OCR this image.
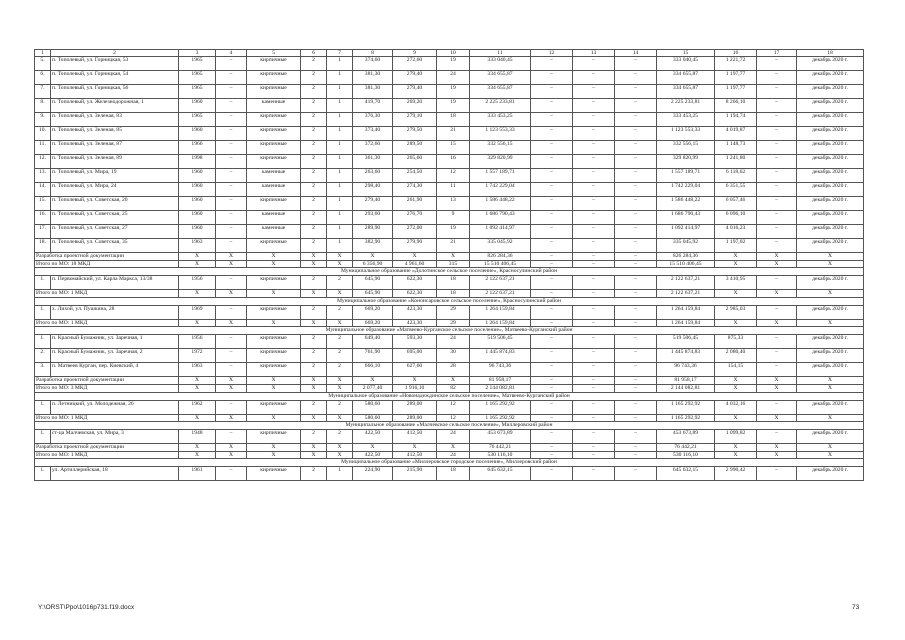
1	2	3	4	5	6	7	8	9	10	11	12	13	14	15	16	17	18
5.	п. Тополевый, ул. Горницкая, 53	1965	–	кирпичные	2	1	374,60	272,60	19	333 040,45	–	–	–	333 040,45	1 221,72	–	декабрь 2020 г.
6.	п. Тополевый, ул. Горницкая, 54	1965	–	кирпичные	2	1	381,30	279,40	24	334 655,87	–	–	–	334 655,87	1 197,77	–	декабрь 2020 г.
7.	п. Тополевый, ул. Горницкая, 56	1965	–	кирпичные	2	1	381,30	279,40	19	334 655,87	–	–	–	334 655,87	1 197,77	–	декабрь 2020 г.
8.	п. Тополевый, ул. Железнодорожная, 1	1960	–	каменные	2	1	419,70	269,20	19	2 225 233,81	–	–	–	2 225 233,81	8 266,10	–	декабрь 2020 г.
9.	п. Тополевый, ул. Зеленая, 83	1965	–	кирпичные	2	1	376,30	279,10	18	333 453,25	–	–	–	333 453,25	1 194,74	–	декабрь 2020 г.
10.	п. Тополевый, ул. Зеленая, 85	1960	–	кирпичные	2	1	373,40	279,50	21	1 123 553,33	–	–	–	1 123 553,33	4 019,87	–	декабрь 2020 г.
11.	п. Тополевый, ул. Зеленая, 87	1966	–	кирпичные	2	1	372,60	289,50	15	332 556,15	–	–	–	332 556,15	1 148,73	–	декабрь 2020 г.
12.	п. Тополевый, ул. Зеленая, 89	1998	–	кирпичные	2	1	361,30	265,60	16	329 820,99	–	–	–	329 820,99	1 241,80	–	декабрь 2020 г.
13.	п. Тополевый, ул. Мира, 19	1960	–	каменные	2	1	263,60	254,50	12	1 557 189,71	–	–	–	1 557 189,71	6 118,62	–	декабрь 2020 г.
14.	п. Тополевый, ул. Мира, 24	1960	–	каменные	2	1	298,40	274,30	11	1 742 229,04	–	–	–	1 742 229,04	6 351,55	–	декабрь 2020 г.
15.	п. Тополевый, ул. Советская, 20	1960	–	кирпичные	2	1	279,40	261,90	13	1 586 448,22	–	–	–	1 586 448,22	6 057,46	–	декабрь 2020 г.
16.	п. Тополевый, ул. Советская, 25	1960	–	каменные	2	1	293,60	276,70	9	1 686 790,43	–	–	–	1 686 790,43	6 096,10	–	декабрь 2020 г.
17.	п. Тополевый, ул. Советская, 27	1960	–	каменные	2	1	289,90	272,00	19	1 092 414,97	–	–	–	1 092 414,97	4 016,23	–	декабрь 2020 г.
18.	п. Тополевый, ул. Советская, 35	1963	–	кирпичные	2	1	382,90	279,90	21	335 045,92	–	–	–	335 045,92	1 197,02	–	декабрь 2020 г.
Разработка проектной документации		X	X	X	X	X	X	X	X	826 284,36	–	–	–	826 284,36	X	X	X
Итого по МО: 18 МКД		X	X	X	X	X	6 356,90	4 961,60	315	15 510 406,45	–	–	–	15 510 406,45	X	X	X
Муниципальное образование «Долотинское сельское поселение», Красносулинский район																	
1.	п. Первомайский, ул. Карла Маркса, 13/38	1956	–	кирпичные	2	2	645,90	622,30	18	2 122 637,21	–	–	–	2 122 637,21	3 410,95	–	декабрь 2020 г.
Итого по МО: 1 МКД		X	X	X	X	X	645,90	622,30	18	2 122 637,21	–	–	–	2 122 637,21	X	X	X
Муниципальное образование «Кононсаровское сельское поселение», Красносулинский район																	
1.	х. Лихой, ул. Пушкина, 28	1969	–	кирпичные	2	2	669,20	423,30	29	1 264 159,84	–	–	–	1 264 159,84	2 985,03	–	декабрь 2020 г.
Итого по МО: 1 МКД		X	X	X	X	X	669,20	423,30	29	1 264 159,84	–	–	–	1 264 159,84	X	X	X
Муниципальное образование «Матвеево-Курганское сельское поселение», Матвеево-Курганский район																	
1.	п. Красный Бумажник, ул. Заречная, 1	1956	–	кирпичные	2	2	649,40	593,30	24	519 506,45	–	–	–	519 506,45	875,33	–	декабрь 2020 г.
2.	п. Красный Бумажник, ул. Заречная, 2	1972	–	кирпичные	2	2	761,90	695,00	30	1 445 874,83	–	–	–	1 445 874,83	2 080,40	–	декабрь 2020 г.
3.	п. Матвеев Курган, пер. Киевский, 4	1963	–	кирпичные	2	2	666,10	627,60	28	96 743,36	–	–	–	96 743,36	154,15	–	декабрь 2020 г.
Разработка проектной документации		X	X	X	X	X	X	X	X	81 958,17	–	–	–	81 958,17	X	X	X
Итого по МО: 3 МКД		X	X	X	X	X	2 077,40	1 916,10	82	2 144 082,81	–	–	–	2 144 082,81	X	X	X
Муниципальное образование «Новонадеждинское сельское поселение», Матвеево-Курганский район																	
1.	п. Летницкий, ул. Молодежная, 26	1962	–	кирпичные	2	2	580,60	289,00	12	1 165 292,92	–	–	–	1 165 292,92	4 032,16	–	декабрь 2020 г.
Итого по МО: 1 МКД		X	X	X	X	X	580,60	289,00	12	1 165 292,92	–	–	–	1 165 292,92	X	X	X
Муниципальное образование «Малчевское сельское поселение», Миллеровский район																	
1.	ст-ца Малчевская, ул. Мира, 3	1948	–	кирпичные	2	2	422,50	412,50	24	453 673,89	–	–	–	453 673,89	1 099,82	–	декабрь 2020 г.
Разработка проектной документации		X	X	X	X	X	X	X	X	76 442,21	–	–	–	76 442,21	X	X	X
Итого по МО: 1 МКД		X	X	X	X	X	422,50	412,50	24	530 116,10	–	–	–	530 116,10	X	X	X
Муниципальное образование «Миллеровское городское поселение», Миллеровский район																	
1.	ул. Артиллерийская, 18	1961	–	кирпичные	2	1	224,90	215,90	18	645 632,15	–	–	–	645 632,15	2 990,42	–	декабрь 2020 г.
Y:\ORST\Ppo\1016p731.f19.docx	73
